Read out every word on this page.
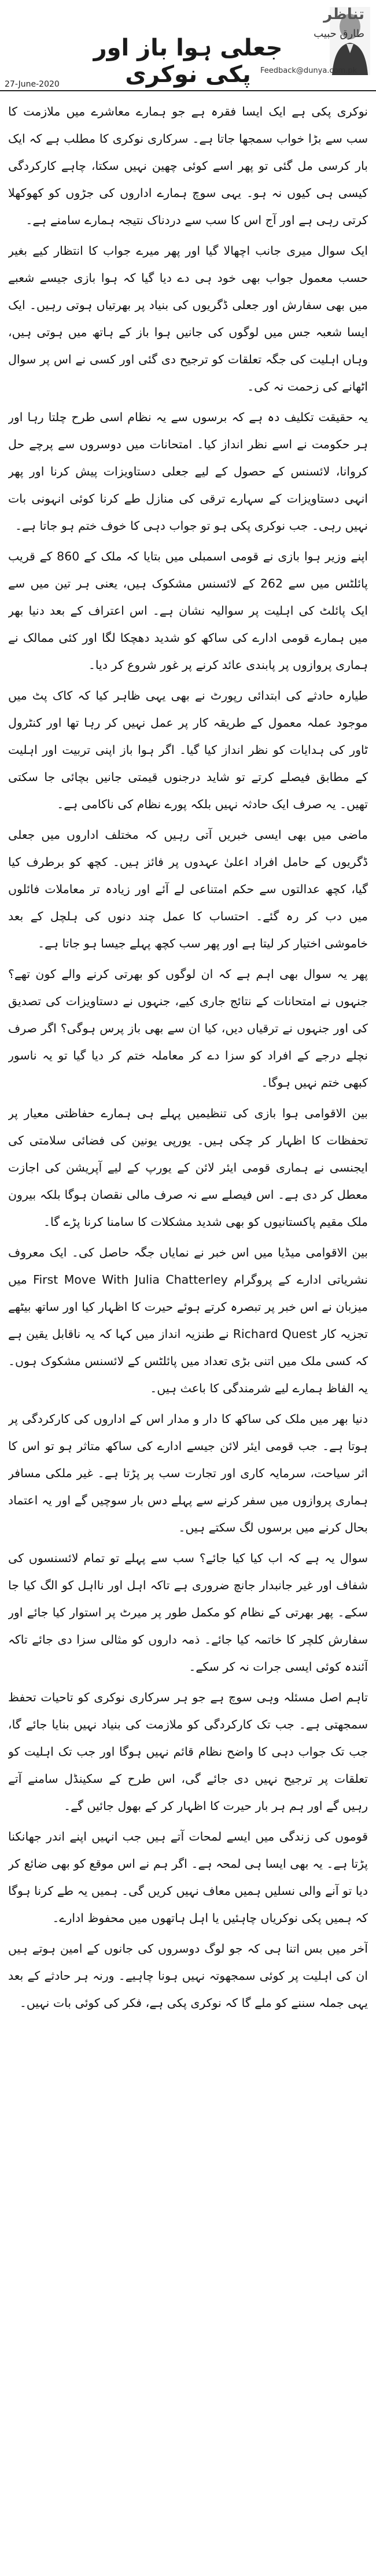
تناظر
طارق حبیب
Feedback@dunya.com.pk
جعلی ہوا باز اور پکی نوکری
27-June-2020

نوکری پکی ہے ایک ایسا فقرہ ہے جو ہمارے معاشرے میں ملازمت کا سب سے بڑا خواب سمجھا جاتا ہے۔ سرکاری نوکری کا مطلب ہے کہ ایک بار کرسی مل گئی تو پھر اسے کوئی چھین نہیں سکتا، چاہے کارکردگی کیسی ہی کیوں نہ ہو۔ یہی سوچ ہمارے اداروں کی جڑوں کو کھوکھلا کرتی رہی ہے اور آج اس کا سب سے دردناک نتیجہ ہمارے سامنے ہے۔

ایک سوال میری جانب اچھالا گیا اور پھر میرے جواب کا انتظار کیے بغیر حسب معمول جواب بھی خود ہی دے دیا گیا کہ ہوا بازی جیسے شعبے میں بھی سفارش اور جعلی ڈگریوں کی بنیاد پر بھرتیاں ہوتی رہیں۔ ایک ایسا شعبہ جس میں لوگوں کی جانیں ہوا باز کے ہاتھ میں ہوتی ہیں، وہاں اہلیت کی جگہ تعلقات کو ترجیح دی گئی اور کسی نے اس پر سوال اٹھانے کی زحمت نہ کی۔

یہ حقیقت تکلیف دہ ہے کہ برسوں سے یہ نظام اسی طرح چلتا رہا اور ہر حکومت نے اسے نظر انداز کیا۔ امتحانات میں دوسروں سے پرچے حل کروانا، لائسنس کے حصول کے لیے جعلی دستاویزات پیش کرنا اور پھر انہی دستاویزات کے سہارے ترقی کی منازل طے کرنا کوئی انہونی بات نہیں رہی۔ جب نوکری پکی ہو تو جواب دہی کا خوف ختم ہو جاتا ہے۔

اپنے وزیر ہوا بازی نے قومی اسمبلی میں بتایا کہ ملک کے 860 کے قریب پائلٹس میں سے 262 کے لائسنس مشکوک ہیں، یعنی ہر تین میں سے ایک پائلٹ کی اہلیت پر سوالیہ نشان ہے۔ اس اعتراف کے بعد دنیا بھر میں ہمارے قومی ادارے کی ساکھ کو شدید دھچکا لگا اور کئی ممالک نے ہماری پروازوں پر پابندی عائد کرنے پر غور شروع کر دیا۔

طیارہ حادثے کی ابتدائی رپورٹ نے بھی یہی ظاہر کیا کہ کاک پٹ میں موجود عملہ معمول کے طریقہ کار پر عمل نہیں کر رہا تھا اور کنٹرول ٹاور کی ہدایات کو نظر انداز کیا گیا۔ اگر ہوا باز اپنی تربیت اور اہلیت کے مطابق فیصلے کرتے تو شاید درجنوں قیمتی جانیں بچائی جا سکتی تھیں۔ یہ صرف ایک حادثہ نہیں بلکہ پورے نظام کی ناکامی ہے۔

ماضی میں بھی ایسی خبریں آتی رہیں کہ مختلف اداروں میں جعلی ڈگریوں کے حامل افراد اعلیٰ عہدوں پر فائز ہیں۔ کچھ کو برطرف کیا گیا، کچھ عدالتوں سے حکم امتناعی لے آئے اور زیادہ تر معاملات فائلوں میں دب کر رہ گئے۔ احتساب کا عمل چند دنوں کی ہلچل کے بعد خاموشی اختیار کر لیتا ہے اور پھر سب کچھ پہلے جیسا ہو جاتا ہے۔

پھر یہ سوال بھی اہم ہے کہ ان لوگوں کو بھرتی کرنے والے کون تھے؟ جنہوں نے امتحانات کے نتائج جاری کیے، جنہوں نے دستاویزات کی تصدیق کی اور جنہوں نے ترقیاں دیں، کیا ان سے بھی باز پرس ہوگی؟ اگر صرف نچلے درجے کے افراد کو سزا دے کر معاملہ ختم کر دیا گیا تو یہ ناسور کبھی ختم نہیں ہوگا۔

بین الاقوامی ہوا بازی کی تنظیمیں پہلے ہی ہمارے حفاظتی معیار پر تحفظات کا اظہار کر چکی ہیں۔ یورپی یونین کی فضائی سلامتی کی ایجنسی نے ہماری قومی ایئر لائن کے یورپ کے لیے آپریشن کی اجازت معطل کر دی ہے۔ اس فیصلے سے نہ صرف مالی نقصان ہوگا بلکہ بیرون ملک مقیم پاکستانیوں کو بھی شدید مشکلات کا سامنا کرنا پڑے گا۔

بین الاقوامی میڈیا میں اس خبر نے نمایاں جگہ حاصل کی۔ ایک معروف نشریاتی ادارے کے پروگرام First Move With Julia Chatterley میں میزبان نے اس خبر پر تبصرہ کرتے ہوئے حیرت کا اظہار کیا اور ساتھ بیٹھے تجزیہ کار Richard Quest نے طنزیہ انداز میں کہا کہ یہ ناقابل یقین ہے کہ کسی ملک میں اتنی بڑی تعداد میں پائلٹس کے لائسنس مشکوک ہوں۔ یہ الفاظ ہمارے لیے شرمندگی کا باعث ہیں۔

دنیا بھر میں ملک کی ساکھ کا دار و مدار اس کے اداروں کی کارکردگی پر ہوتا ہے۔ جب قومی ایئر لائن جیسے ادارے کی ساکھ متاثر ہو تو اس کا اثر سیاحت، سرمایہ کاری اور تجارت سب پر پڑتا ہے۔ غیر ملکی مسافر ہماری پروازوں میں سفر کرنے سے پہلے دس بار سوچیں گے اور یہ اعتماد بحال کرنے میں برسوں لگ سکتے ہیں۔

سوال یہ ہے کہ اب کیا کیا جائے؟ سب سے پہلے تو تمام لائسنسوں کی شفاف اور غیر جانبدار جانچ ضروری ہے تاکہ اہل اور نااہل کو الگ کیا جا سکے۔ پھر بھرتی کے نظام کو مکمل طور پر میرٹ پر استوار کیا جائے اور سفارش کلچر کا خاتمہ کیا جائے۔ ذمہ داروں کو مثالی سزا دی جائے تاکہ آئندہ کوئی ایسی جرات نہ کر سکے۔

تاہم اصل مسئلہ وہی سوچ ہے جو ہر سرکاری نوکری کو تاحیات تحفظ سمجھتی ہے۔ جب تک کارکردگی کو ملازمت کی بنیاد نہیں بنایا جائے گا، جب تک جواب دہی کا واضح نظام قائم نہیں ہوگا اور جب تک اہلیت کو تعلقات پر ترجیح نہیں دی جائے گی، اس طرح کے سکینڈل سامنے آتے رہیں گے اور ہم ہر بار حیرت کا اظہار کر کے بھول جائیں گے۔

قوموں کی زندگی میں ایسے لمحات آتے ہیں جب انہیں اپنے اندر جھانکنا پڑتا ہے۔ یہ بھی ایسا ہی لمحہ ہے۔ اگر ہم نے اس موقع کو بھی ضائع کر دیا تو آنے والی نسلیں ہمیں معاف نہیں کریں گی۔ ہمیں یہ طے کرنا ہوگا کہ ہمیں پکی نوکریاں چاہئیں یا اہل ہاتھوں میں محفوظ ادارے۔

آخر میں بس اتنا ہی کہ جو لوگ دوسروں کی جانوں کے امین ہوتے ہیں ان کی اہلیت پر کوئی سمجھوتہ نہیں ہونا چاہیے۔ ورنہ ہر حادثے کے بعد یہی جملہ سننے کو ملے گا کہ نوکری پکی ہے، فکر کی کوئی بات نہیں۔
